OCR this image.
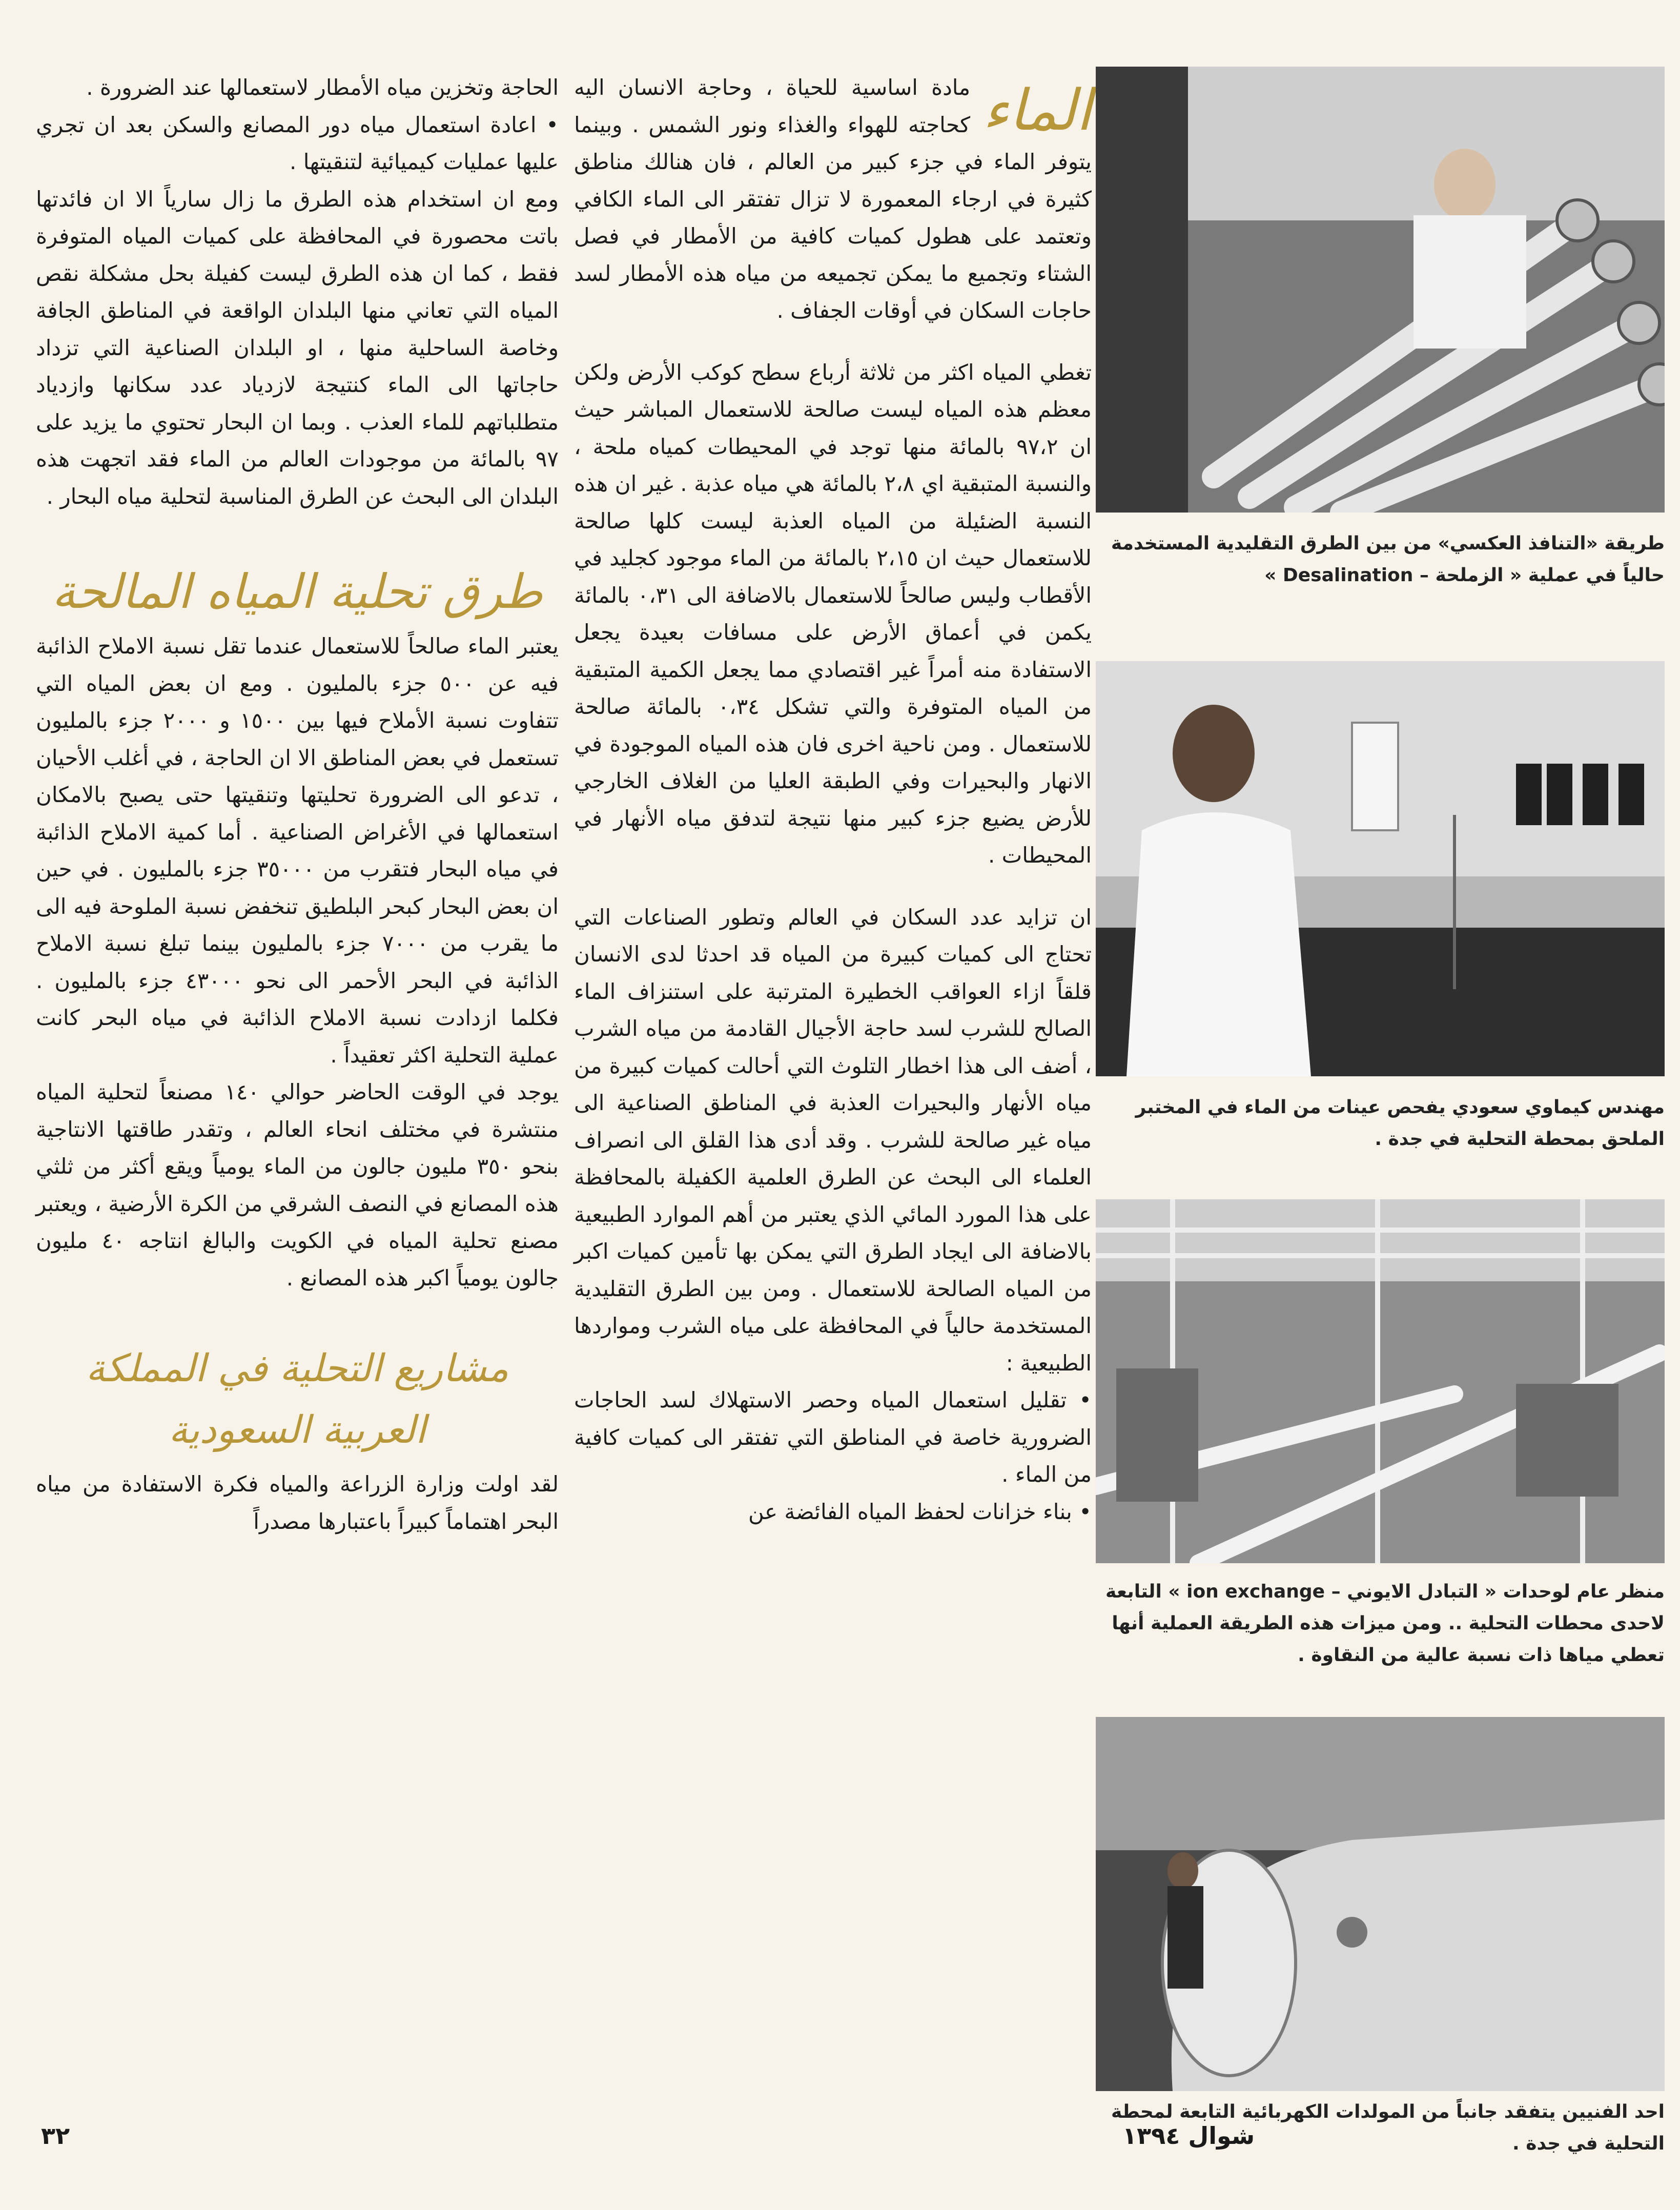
الحاجة وتخزين مياه الأمطار لاستعمالها عند الضرورة .

• اعادة استعمال مياه دور المصانع والسكن بعد ان تجري عليها عمليات كيميائية لتنقيتها .

ومع ان استخدام هذه الطرق ما زال سارياً الا ان فائدتها باتت محصورة في المحافظة على كميات المياه المتوفرة فقط ، كما ان هذه الطرق ليست كفيلة بحل مشكلة نقص المياه التي تعاني منها البلدان الواقعة في المناطق الجافة وخاصة الساحلية منها ، او البلدان الصناعية التي تزداد حاجاتها الى الماء كنتيجة لازدياد عدد سكانها وازدياد متطلباتهم للماء العذب . وبما ان البحار تحتوي ما يزيد على ٩٧ بالمائة من موجودات العالم من الماء فقد اتجهت هذه البلدان الى البحث عن الطرق المناسبة لتحلية مياه البحار .

طرق تحلية المياه المالحة

يعتبر الماء صالحاً للاستعمال عندما تقل نسبة الاملاح الذائبة فيه عن ٥٠٠ جزء بالمليون . ومع ان بعض المياه التي تتفاوت نسبة الأملاح فيها بين ١٥٠٠ و ٢٠٠٠ جزء بالمليون تستعمل في بعض المناطق الا ان الحاجة ، في أغلب الأحيان ، تدعو الى الضرورة تحليتها وتنقيتها حتى يصبح بالامكان استعمالها في الأغراض الصناعية . أما كمية الاملاح الذائبة في مياه البحار فتقرب من ٣٥٠٠٠ جزء بالمليون . في حين ان بعض البحار كبحر البلطيق تنخفض نسبة الملوحة فيه الى ما يقرب من ٧٠٠٠ جزء بالمليون بينما تبلغ نسبة الاملاح الذائبة في البحر الأحمر الى نحو ٤٣٠٠٠ جزء بالمليون . فكلما ازدادت نسبة الاملاح الذائبة في مياه البحر كانت عملية التحلية اكثر تعقيداً .

يوجد في الوقت الحاضر حوالي ١٤٠ مصنعاً لتحلية المياه منتشرة في مختلف انحاء العالم ، وتقدر طاقتها الانتاجية بنحو ٣٥٠ مليون جالون من الماء يومياً ويقع أكثر من ثلثي هذه المصانع في النصف الشرقي من الكرة الأرضية ، ويعتبر مصنع تحلية المياه في الكويت والبالغ انتاجه ٤٠ مليون جالون يومياً اكبر هذه المصانع .

مشاريع التحلية في المملكة العربية السعودية

لقد اولت وزارة الزراعة والمياه فكرة الاستفادة من مياه البحر اهتماماً كبيراً باعتبارها مصدراً

الماء

مادة اساسية للحياة ، وحاجة الانسان اليه كحاجته للهواء والغذاء ونور الشمس . وبينما يتوفر الماء في جزء كبير من العالم ، فان هنالك مناطق كثيرة في ارجاء المعمورة لا تزال تفتقر الى الماء الكافي وتعتمد على هطول كميات كافية من الأمطار في فصل الشتاء وتجميع ما يمكن تجميعه من مياه هذه الأمطار لسد حاجات السكان في أوقات الجفاف .

تغطي المياه اكثر من ثلاثة أرباع سطح كوكب الأرض ولكن معظم هذه المياه ليست صالحة للاستعمال المباشر حيث ان ٩٧،٢ بالمائة منها توجد في المحيطات كمياه ملحة ، والنسبة المتبقية اي ٢،٨ بالمائة هي مياه عذبة . غير ان هذه النسبة الضئيلة من المياه العذبة ليست كلها صالحة للاستعمال حيث ان ٢،١٥ بالمائة من الماء موجود كجليد في الأقطاب وليس صالحاً للاستعمال بالاضافة الى ٠،٣١ بالمائة يكمن في أعماق الأرض على مسافات بعيدة يجعل الاستفادة منه أمراً غير اقتصادي مما يجعل الكمية المتبقية من المياه المتوفرة والتي تشكل ٠،٣٤ بالمائة صالحة للاستعمال . ومن ناحية اخرى فان هذه المياه الموجودة في الانهار والبحيرات وفي الطبقة العليا من الغلاف الخارجي للأرض يضيع جزء كبير منها نتيجة لتدفق مياه الأنهار في المحيطات .

ان تزايد عدد السكان في العالم وتطور الصناعات التي تحتاج الى كميات كبيرة من المياه قد احدثا لدى الانسان قلقاً ازاء العواقب الخطيرة المترتبة على استنزاف الماء الصالح للشرب لسد حاجة الأجيال القادمة من مياه الشرب ، أضف الى هذا اخطار التلوث التي أحالت كميات كبيرة من مياه الأنهار والبحيرات العذبة في المناطق الصناعية الى مياه غير صالحة للشرب . وقد أدى هذا القلق الى انصراف العلماء الى البحث عن الطرق العلمية الكفيلة بالمحافظة على هذا المورد المائي الذي يعتبر من أهم الموارد الطبيعية بالاضافة الى ايجاد الطرق التي يمكن بها تأمين كميات اكبر من المياه الصالحة للاستعمال . ومن بين الطرق التقليدية المستخدمة حالياً في المحافظة على مياه الشرب ومواردها الطبيعية :

• تقليل استعمال المياه وحصر الاستهلاك لسد الحاجات الضرورية خاصة في المناطق التي تفتقر الى كميات كافية من الماء .

• بناء خزانات لحفظ المياه الفائضة عن

طريقة «التنافذ العكسي» من بين الطرق التقليدية المستخدمة حالياً في عملية « الزملحة – Desalination »
مهندس كيماوي سعودي يفحص عينات من الماء في المختبر الملحق بمحطة التحلية في جدة .
منظر عام لوحدات « التبادل الايوني – ion exchange » التابعة لاحدى محطات التحلية .. ومن ميزات هذه الطريقة العملية أنها تعطي مياها ذات نسبة عالية من النقاوة .
احد الفنيين يتفقد جانباً من المولدات الكهربائية التابعة لمحطة التحلية في جدة .
٣٢	شوال ١٣٩٤
